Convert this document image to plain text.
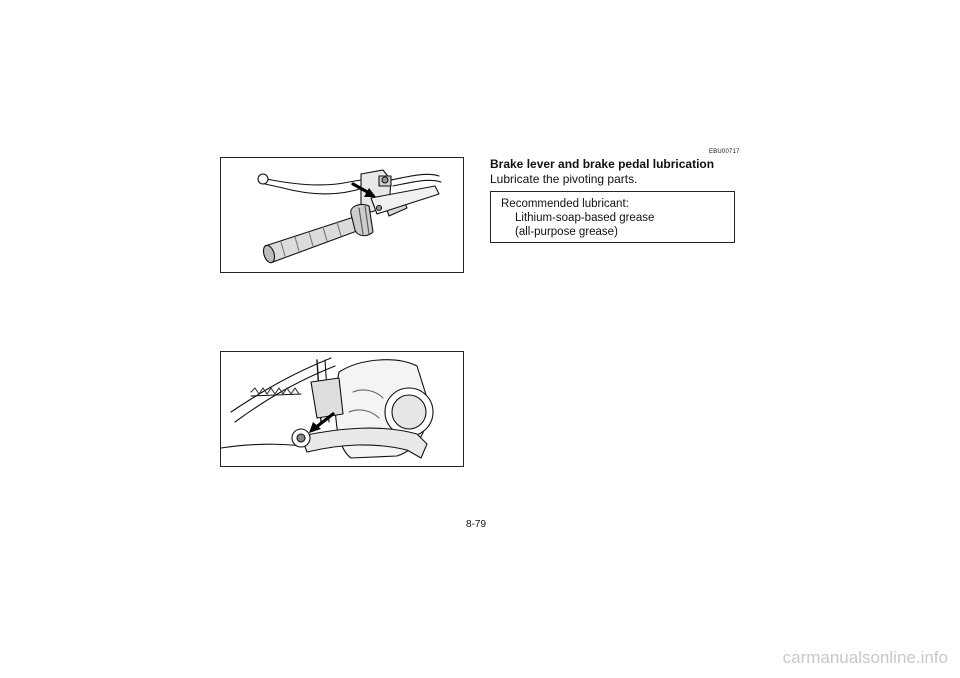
EBU00717
Brake lever and brake pedal lubrication
Lubricate the pivoting parts.
Recommended lubricant:
Lithium-soap-based grease
(all-purpose grease)
8-79
carmanualsonline.info
